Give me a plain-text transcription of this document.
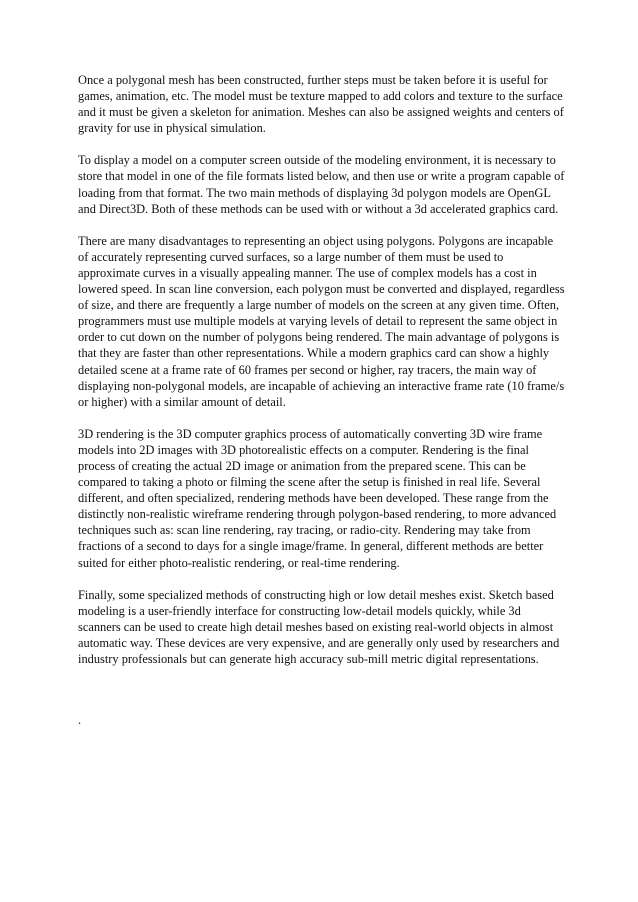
Once a polygonal mesh has been constructed, further steps must be taken before it is useful for games, animation, etc. The model must be texture mapped to add colors and texture to the surface and it must be given a skeleton for animation. Meshes can also be assigned weights and centers of gravity for use in physical simulation.

To display a model on a computer screen outside of the modeling environment, it is necessary to store that model in one of the file formats listed below, and then use or write a program capable of loading from that format. The two main methods of displaying 3d polygon models are OpenGL and Direct3D. Both of these methods can be used with or without a 3d accelerated graphics card.

There are many disadvantages to representing an object using polygons. Polygons are incapable of accurately representing curved surfaces, so a large number of them must be used to approximate curves in a visually appealing manner. The use of complex models has a cost in lowered speed. In scan line conversion, each polygon must be converted and displayed, regardless of size, and there are frequently a large number of models on the screen at any given time. Often, programmers must use multiple models at varying levels of detail to represent the same object in order to cut down on the number of polygons being rendered. The main advantage of polygons is that they are faster than other representations. While a modern graphics card can show a highly detailed scene at a frame rate of 60 frames per second or higher, ray tracers, the main way of displaying non-polygonal models, are incapable of achieving an interactive frame rate (10 frame/s or higher) with a similar amount of detail.

3D rendering is the 3D computer graphics process of automatically converting 3D wire frame models into 2D images with 3D photorealistic effects on a computer. Rendering is the final process of creating the actual 2D image or animation from the prepared scene. This can be compared to taking a photo or filming the scene after the setup is finished in real life. Several different, and often specialized, rendering methods have been developed. These range from the distinctly non-realistic wireframe rendering through polygon-based rendering, to more advanced techniques such as: scan line rendering, ray tracing, or radio-city. Rendering may take from fractions of a second to days for a single image/frame. In general, different methods are better suited for either photo-realistic rendering, or real-time rendering.

Finally, some specialized methods of constructing high or low detail meshes exist. Sketch based modeling is a user-friendly interface for constructing low-detail models quickly, while 3d scanners can be used to create high detail meshes based on existing real-world objects in almost automatic way. These devices are very expensive, and are generally only used by researchers and industry professionals but can generate high accuracy sub-mill metric digital representations.

.
